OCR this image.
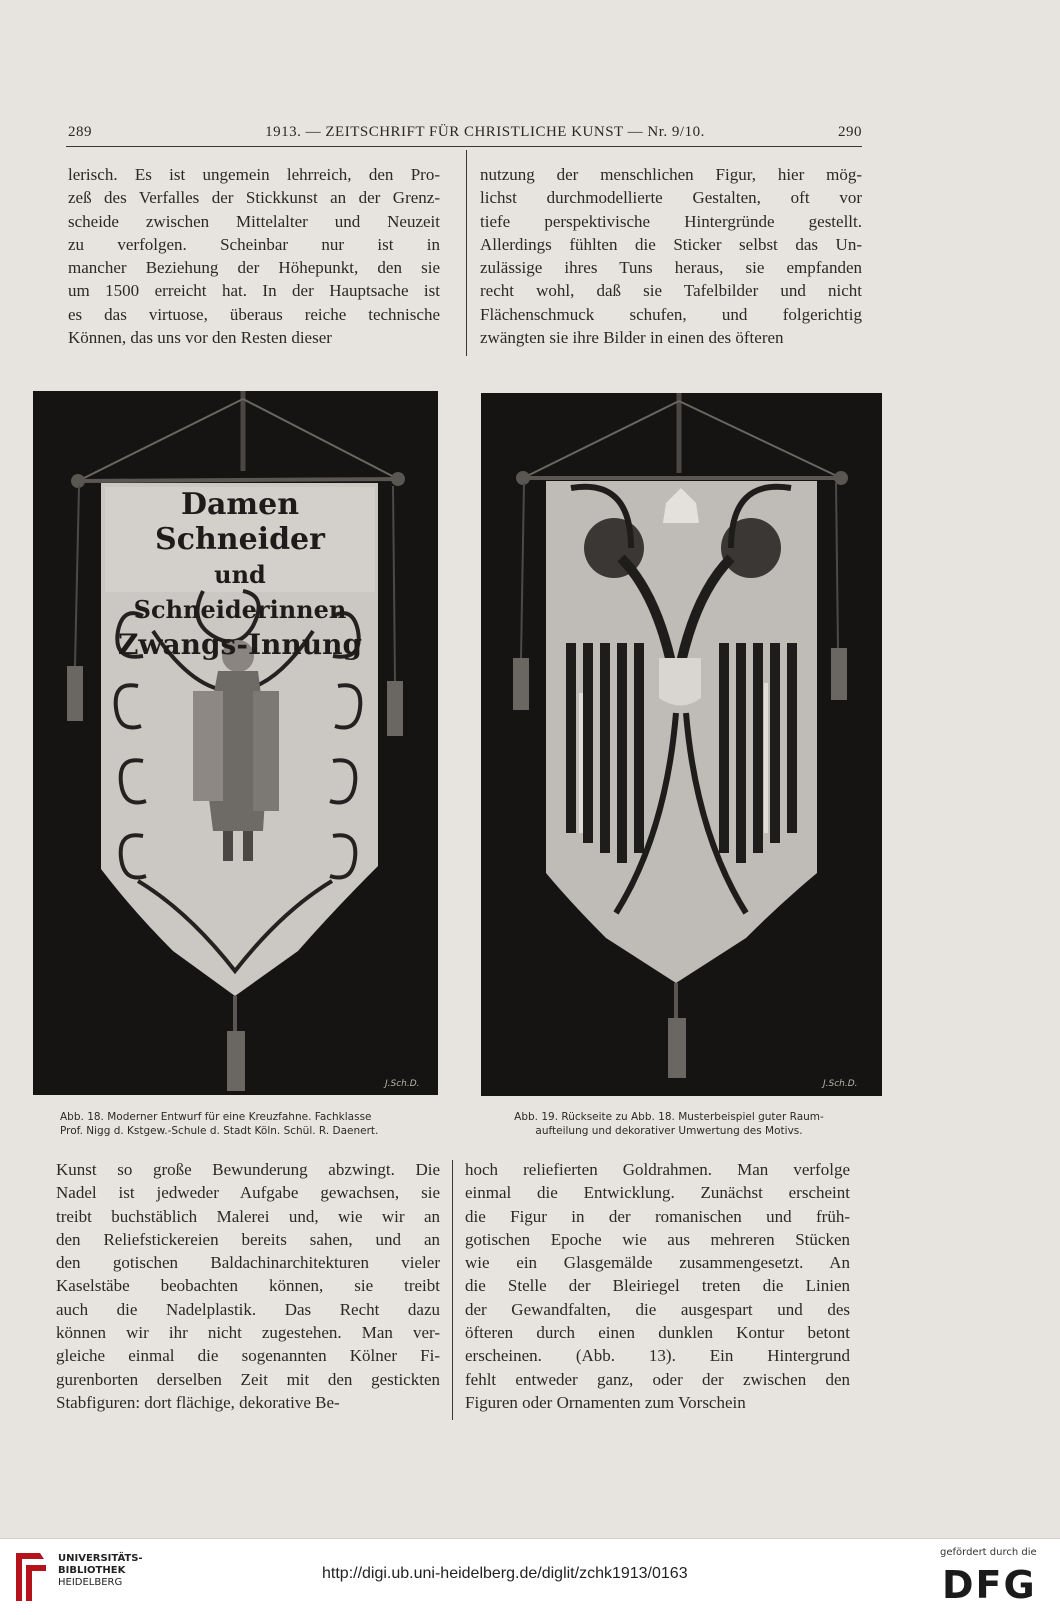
289	1913. — ZEITSCHRIFT FÜR CHRISTLICHE KUNST — Nr. 9/10.	290
lerisch. Es ist ungemein lehrreich, den Pro-
zeß des Verfalles der Stickkunst an der Grenz-
scheide zwischen Mittelalter und Neuzeit
zu verfolgen. Scheinbar nur ist in
mancher Beziehung der Höhepunkt, den sie
um 1500 erreicht hat. In der Hauptsache ist
es das virtuose, überaus reiche technische
Können, das uns vor den Resten dieser
nutzung der menschlichen Figur, hier mög-
lichst durchmodellierte Gestalten, oft vor
tiefe perspektivische Hintergründe gestellt.
Allerdings fühlten die Sticker selbst das Un-
zulässige ihres Tuns heraus, sie empfanden
recht wohl, daß sie Tafelbilder und nicht
Flächenschmuck schufen, und folgerichtig
zwängten sie ihre Bilder in einen des öfteren
Damen Schneider
und Schneiderinnen
Zwangs-Innung
J.Sch.D.	J.Sch.D.
Abb. 18. Moderner Entwurf für eine Kreuzfahne. Fachklasse
Prof. Nigg d. Kstgew.-Schule d. Stadt Köln. Schül. R. Daenert.
Abb. 19. Rückseite zu Abb. 18. Musterbeispiel guter Raum-
aufteilung und dekorativer Umwertung des Motivs.
Kunst so große Bewunderung abzwingt. Die
Nadel ist jedweder Aufgabe gewachsen, sie
treibt buchstäblich Malerei und, wie wir an
den Reliefstickereien bereits sahen, und an
den gotischen Baldachinarchitekturen vieler
Kaselstäbe beobachten können, sie treibt
auch die Nadelplastik. Das Recht dazu
können wir ihr nicht zugestehen. Man ver-
gleiche einmal die sogenannten Kölner Fi-
gurenborten derselben Zeit mit den gestickten
Stabfiguren: dort flächige, dekorative Be-
hoch reliefierten Goldrahmen. Man verfolge
einmal die Entwicklung. Zunächst erscheint
die Figur in der romanischen und früh-
gotischen Epoche wie aus mehreren Stücken
wie ein Glasgemälde zusammengesetzt. An
die Stelle der Bleiriegel treten die Linien
der Gewandfalten, die ausgespart und des
öfteren durch einen dunklen Kontur betont
erscheinen. (Abb. 13). Ein Hintergrund
fehlt entweder ganz, oder der zwischen den
Figuren oder Ornamenten zum Vorschein
UNIVERSITÄTS-
BIBLIOTHEK
HEIDELBERG
http://digi.ub.uni-heidelberg.de/diglit/zchk1913/0163
gefördert durch die
DFG
